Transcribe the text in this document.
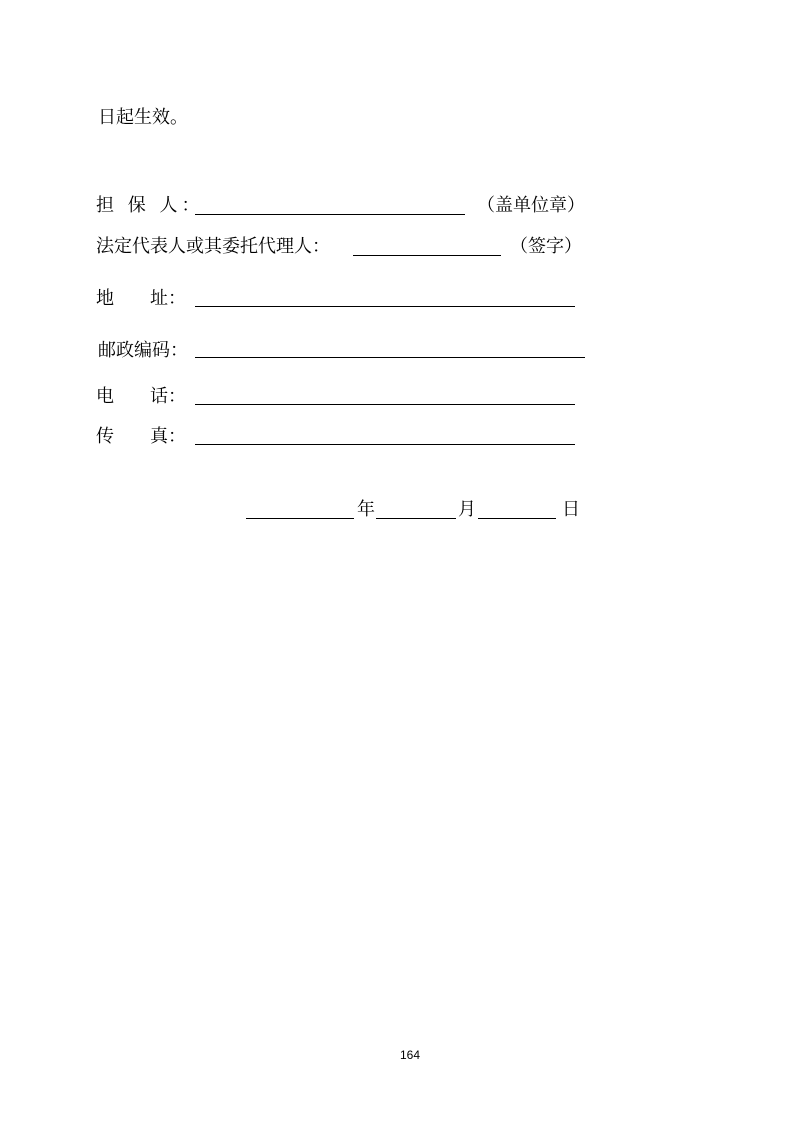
日起生效。
担 保 人：	（盖单位章）
法定代表人或其委托代理人：	（签字）
地　　址：
邮政编码：
电　　话：
传　　真：
年	月	日
164
